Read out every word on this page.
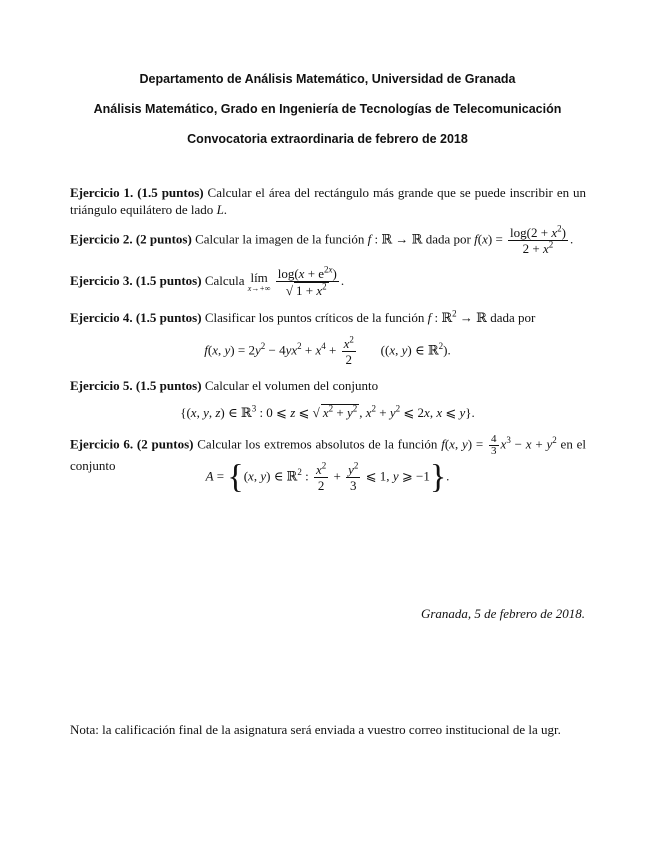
Departamento de Análisis Matemático, Universidad de Granada
Análisis Matemático, Grado en Ingeniería de Tecnologías de Telecomunicación
Convocatoria extraordinaria de febrero de 2018
Ejercicio 1. (1.5 puntos) Calcular el área del rectángulo más grande que se puede inscribir en un triángulo equilátero de lado L.
Ejercicio 2. (2 puntos) Calcular la imagen de la función f : ℝ → ℝ dada por $f(x) = \frac{\log(2 + x^2)}{2 + x^2}$ .
Ejercicio 3. (1.5 puntos) Calcula lím
x→+∞
$\frac{\log(x + e^{2x})}{√ 1 + x^2}$ .
Ejercicio 4. (1.5 puntos) Clasificar los puntos críticos de la función f : ℝ$^2$ → ℝ dada por
f(x, $y) = 2y^2 - 4yx^2 + x^4 + \frac{x^2}{2} ((x$, y) ∈ ℝ$^2$).
Ejercicio 5. (1.5 puntos) Calcular el volumen del conjunto
{(x, y, z) ∈ ℝ$^3$ : 0 ⩽ z ⩽ √ $x^2 + y^2$ , $x^2 + y^2$ ⩽ 2x, x ⩽ y}.
Ejercicio 6. (2 puntos) Calcular los extremos absolutos de la función f(x, $y) = \frac{4}{3} x^3 - x + y^2$ en el conjunto
A = {(x, y) ∈ ℝ$^2$ : $\frac{x^2}{2} + \frac{y^2}{3}$ ⩽ 1, y ⩾ −1}.
Granada, 5 de febrero de 2018.
Nota: la calificación final de la asignatura será enviada a vuestro correo institucional de la ugr.
